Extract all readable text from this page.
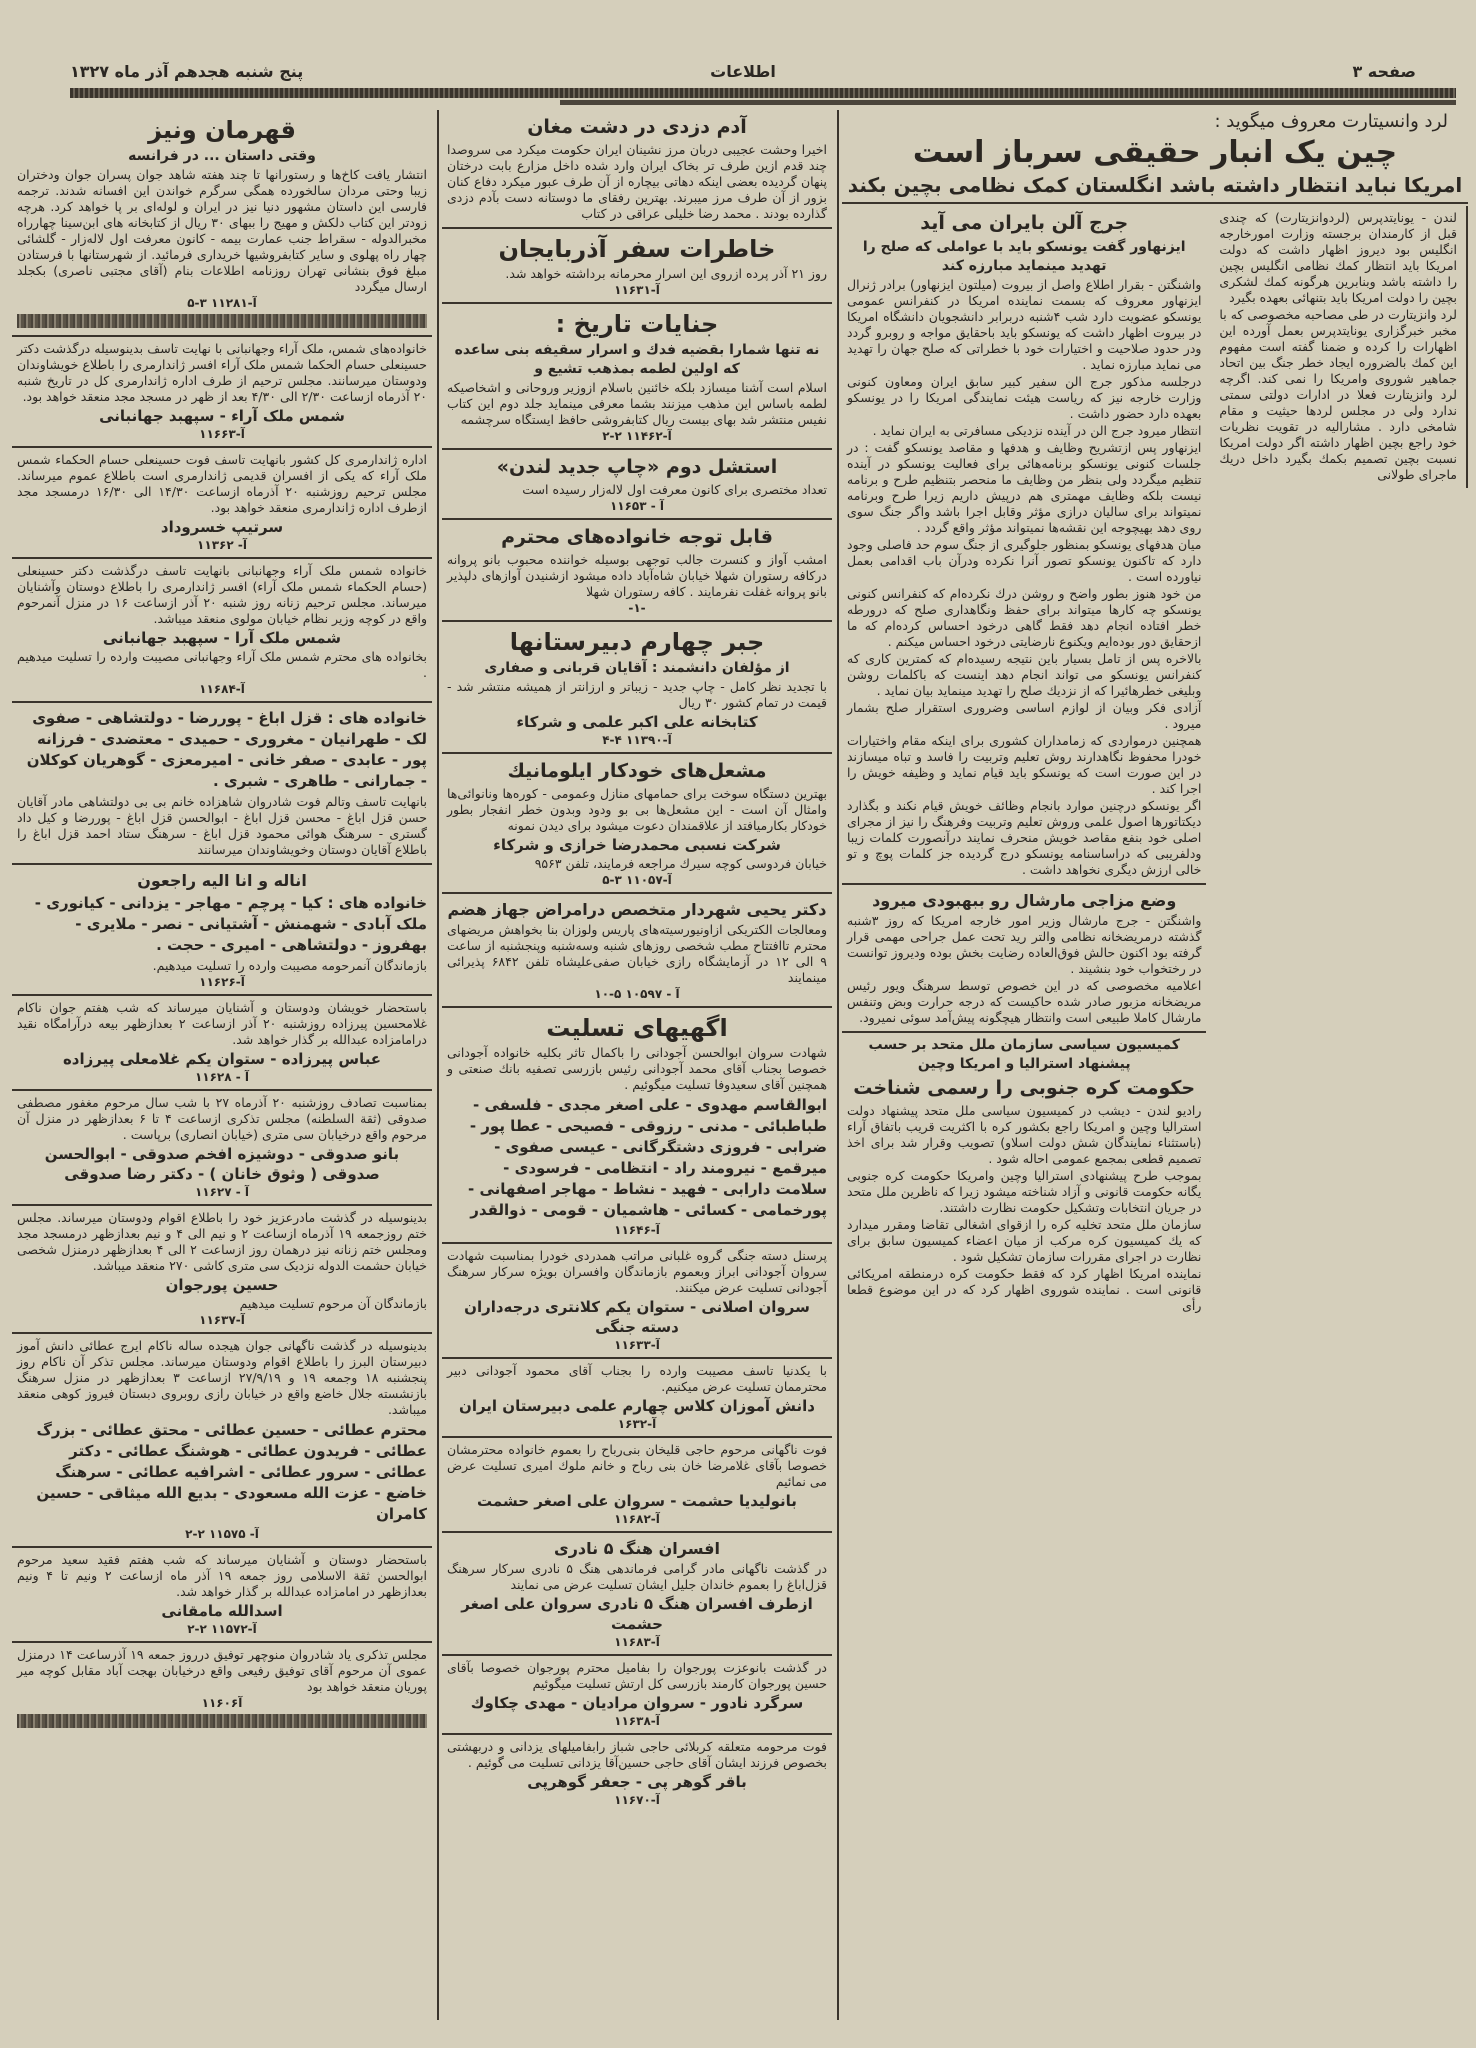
صفحه ۳
اطلاعات
پنج شنبه هجدهم آذر ماه ۱۳۲۷
قهرمان ونیز
وقتی داستان ... در فرانسه

انتشار یافت کاخ‌ها و رستورانها تا چند هفته شاهد جوان پسران جوان ودختران زیبا وحتی مردان سالخورده همگی سرگرم خواندن این افسانه شدند. ترجمه فارسی این داستان مشهور دنیا نیز در ایران و لوله‌ای بر پا خواهد کرد. هرچه زودتر این کتاب دلکش و مهیج را ببهای ۳۰ ریال از کتابخانه های ابن‌سینا چهارراه مخبرالدوله - سقراط جنب عمارت بیمه - کانون معرفت اول لاله‌زار - گلشائی چهار راه پهلوی و سایر کتابفروشیها خریداری فرمائید. از شهرستانها با فرستادن مبلغ فوق بنشانی تهران روزنامه اطلاعات بنام (آقای مجتبی ناصری) بکجلد ارسال میگردد

آ-۱۱۲۸۱ ۳-۵

خانواده‌های شمس، ملک آراء وجهانبانی با نهایت تاسف بدینوسیله درگذشت دکتر حسینعلی حسام الحکما شمس ملک آراء افسر ژاندارمری را باطلاع خویشاوندان ودوستان میرسانند. مجلس ترحیم از طرف اداره ژاندارمری کل در تاریخ شنبه ۲۰ آذرماه ازساعت ۲/۳۰ الی ۴/۳۰ بعد از ظهر در مسجد مجد منعقد خواهد بود.

شمس ملک آراء - سپهبد جهانبانی
آ-۱۱۶۶۳

اداره ژاندارمری کل کشور بانهایت تاسف فوت حسینعلی حسام الحکماء شمس ملک آراء که یکی از افسران قدیمی ژاندارمری است باطلاع عموم میرساند. مجلس ترحیم روزشنبه ۲۰ آذرماه ازساعت ۱۴/۳۰ الی ۱۶/۳۰ درمسجد مجد ازطرف اداره ژاندارمری منعقد خواهد بود.

سرتیپ خسروداد
آ- ۱۱۳۶۲

خانواده شمس ملک آراء وجهانبانی بانهایت تاسف درگذشت دکتر حسینعلی (حسام الحکماء شمس ملک آراء) افسر ژاندارمری را باطلاع دوستان وآشنایان میرساند. مجلس ترحیم زنانه روز شنبه ۲۰ آذر ازساعت ۱۶ در منزل آنمرحوم واقع در کوچه وزیر نظام خیابان مولوی منعقد میباشد.

شمس ملک آرا - سپهبد جهانبانی

بخانواده های محترم شمس ملک آراء وجهانبانی مصیبت وارده را تسلیت میدهیم .

آ-۱۱۶۸۴
خانواده های : قزل اباغ - پوررضا - دولتشاهی - صفوی لک - طهرانیان - مغروری - حمیدی - معتضدی - فرزانه پور - عابدی - صفر خانی - امیرمعزی - گوهریان کوکلان - جمارانی - طاهری - شبری .

بانهایت تاسف وتالم فوت شادروان شاهزاده خانم بی بی دولتشاهی مادر آقایان حسن قزل اباغ - محسن قزل اباغ - ابوالحسن قزل اباغ - پوررضا و کیل داد گستری - سرهنگ هوائی محمود قزل اباغ - سرهنگ ستاد احمد قزل اباغ را باطلاع آقایان دوستان وخویشاوندان میرسانند

اناله و انا الیه راجعون
خانواده های : کیا - پرچم - مهاجر - یزدانی - کیانوری - ملک آبادی - شهمنش - آشتیانی - نصر - ملایری - بهفروز - دولتشاهی - امیری - حجت .

بازماندگان آنمرحومه مصیبت وارده را تسلیت میدهیم.

آ-۱۱۶۲۶

باستحضار خویشان ودوستان و آشنایان میرساند که شب هفتم جوان ناکام غلامحسین پیرزاده روزشنبه ۲۰ آذر ازساعت ۲ بعدازظهر بیعه درآرامگاه نقید درامامزاده عبدالله بر گذار خواهد شد.

عباس پیرزاده - ستوان یکم غلامعلی پیرزاده
آ - ۱۱۶۲۸

بمناسبت تصادف روزشنبه ۲۰ آذرماه ۲۷ با شب سال مرحوم مغفور مصطفی صدوقی (ثقة السلطنه) مجلس تذکری ازساعت ۴ تا ۶ بعدازظهر در منزل آن مرحوم واقع درخیابان سی متری (خیابان انصاری) برپاست .

بانو صدوقی - دوشیزه افخم صدوقی - ابوالحسن صدوقی ( وثوق خانان ) - دکتر رضا صدوقی
آ - ۱۱۶۲۷

بدینوسیله در گذشت مادرعزیز خود را باطلاع اقوام ودوستان میرساند. مجلس ختم روزجمعه ۱۹ آذرماه ازساعت ۲ و نیم الی ۴ و نیم بعدازظهر درمسجد مجد ومجلس ختم زنانه نیز درهمان روز ازساعت ۲ الی ۴ بعدازظهر درمنزل شخصی خیابان حشمت الدوله نزدیک سی متری کاشی ۲۷۰ منعقد میباشد.

حسین پورجوان

بازماندگان آن مرحوم تسلیت میدهیم

آ-۱۱۶۳۷

بدینوسیله در گذشت ناگهانی جوان هیجده ساله ناکام ایرج عطائی دانش آموز دبیرستان البرز را باطلاع اقوام ودوستان میرساند. مجلس تذکر آن ناکام روز پنجشنبه ۱۸ وجمعه ۱۹ و ۲۷/۹/۱۹ ازساعت ۳ بعدازظهر در منزل سرهنگ بازنشسته جلال خاضع واقع در خیابان رازی روبروی دبستان فیروز کوهی منعقد میباشد.

محترم عطائی - حسین عطائی - محتق عطائی - بزرگ عطائی - فریدون عطائی - هوشنگ عطائی - دکتر عطائی - سرور عطائی - اشرافیه عطائی - سرهنگ خاضع - عزت الله مسعودی - بدیع الله میثاقی - حسین کامران
آ- ۱۱۵۷۵ ۲-۲

باستحضار دوستان و آشنایان میرساند که شب هفتم فقید سعید مرحوم ابوالحسن ثقة الاسلامی روز جمعه ۱۹ آذر ماه ازساعت ۲ ونیم تا ۴ ونیم بعدازظهر در امامزاده عبدالله بر گذار خواهد شد.

اسدالله مامقانی
آ-۱۱۵۷۲ ۲-۲

مجلس تذکری یاد شادروان منوچهر توفیق درروز جمعه ۱۹ آذرساعت ۱۴ درمنزل عموی آن مرحوم آقای توفیق رفیعی واقع درخیابان بهجت آباد مقابل کوچه میر پوریان منعقد خواهد بود

آ۱۱۶۰۶
آدم دزدی در دشت مغان

اخیرا وحشت عجیبی دربان مرز نشینان ایران حکومت میکرد می سروصدا چند قدم ازین طرف تر بخاک ایران وارد شده داخل مزارع بابت درختان پنهان گردیده بعضی اینکه دهاتی بیچاره از آن طرف عبور میکرد دفاع کنان بزور از آن طرف مرز میبرند. بهترین رفقای ما دوستانه دست بآدم دزدی گذارده بودند . محمد رضا خلیلی عراقی در کتاب

خاطرات سفر آذربایجان

روز ۲۱ آذر پرده ازروی این اسرار محرمانه برداشته خواهد شد.

آ-۱۱۶۳۱
جنایات تاریخ :
نه تنها شمارا بقضیه فدك و اسرار سقیفه بنی ساعده که اولین لطمه بمذهب تشیع و

اسلام است آشنا میسازد بلکه خائنین باسلام ازوزیر وروحانی و اشخاصیکه لطمه باساس این مذهب میزنند بشما معرفی مینماید جلد دوم این کتاب نفیس منتشر شد بهای بیست ریال کتابفروشی حافظ ایستگاه سرچشمه

آ-۱۱۴۶۲ ۲-۲
استشل دوم «چاپ جدید لندن»

تعداد مختصری برای کانون معرفت اول لاله‌زار رسیده است

آ - ۱۱۶۵۳
قابل توجه خانواده‌های محترم

امشب آواز و کنسرت جالب توجهی بوسیله خواننده محبوب بانو پروانه درکافه رستوران شهلا خیابان شاه‌آباد داده میشود ازشنیدن آوازهای دلپذیر بانو پروانه غفلت نفرمایند . کافه رستوران شهلا

-۱-
جبر چهارم دبیرستانها
از مؤلفان دانشمند : آقایان قربانی و صفاری

با تجدید نظر کامل - چاپ جدید - زیباتر و ارزانتر از همیشه منتشر شد - قیمت در تمام کشور ۳۰ ریال

کتابخانه علی اکبر علمی و شرکاء
آ-۱۱۳۹۰ ۴-۴
مشعل‌های خودکار ایلومانیك

بهترین دستگاه سوخت برای حمامهای منازل وعمومی - کوره‌ها ونانوائی‌ها وامثال آن است - این مشعل‌ها بی بو ودود وبدون خطر انفجار بطور خودکار بکارمیافتد از علاقمندان دعوت میشود برای دیدن نمونه

شرکت نسبی محمدرضا خرازی و شرکاء

خیابان فردوسی کوچه سیرك مراجعه فرمایند، تلفن ۹۵۶۳

آ-۱۱۰۵۷ ۳-۵
دکتر یحیی شهردار متخصص درامراض جهاز هضم

ومعالجات الکتریکی ازاونیورسیته‌های پاریس ولوزان بنا بخواهش مریضهای محترم تاافتتاح مطب شخصی روزهای شنبه وسه‌شنبه وپنجشنبه از ساعت ۹ الی ۱۲ در آزمایشگاه رازی خیابان صفی‌علیشاه تلفن ۶۸۴۲ پذیرائی مینمایند

آ - ۱۰۵۹۷ ۵-۱۰
اگهیهای تسلیت

شهادت سروان ابوالحسن آجودانی را باکمال تاثر بکلیه خانواده آجودانی خصوصا بجناب آقای محمد آجودانی رئیس بازرسی تصفیه بانك صنعتی و همچنین آقای سعیدوفا تسلیت میگوئیم .

ابوالقاسم مهدوی - علی اصغر مجدی - فلسفی - طباطبائی - مدنی - رزوقی - فصیحی - عطا پور - ضرابی - فروزی دشتگرگانی - عیسی صفوی - میرقمع - نیرومند راد - انتظامی - فرسودی - سلامت دارابی - فهید - نشاط - مهاجر اصفهانی - پورخمامی - کسائی - هاشمیان - قومی - ذوالقدر
آ-۱۱۶۴۶

پرسنل دسته جنگی گروه غلبانی مراتب همدردی خودرا بمناسبت شهادت سروان آجودانی ابراز وبعموم بازماندگان وافسران بویژه سرکار سرهنگ آجودانی تسلیت عرض میکنند.

سروان اصلانی - ستوان یکم کلانتری درجه‌داران دسته جنگی
آ-۱۱۶۳۳

با یکدنیا تاسف مصیبت وارده را بجناب آقای محمود آجودانی دبیر محترممان تسلیت عرض میکنیم.

دانش آموزان کلاس چهارم علمی دبیرستان ایران
آ-۱۶۳۲

فوت ناگهانی مرحوم حاجی قلیخان بنی‌رباح را بعموم خانواده محترمشان خصوصا بآقای غلامرضا خان بنی رباح و خانم ملوك امیری تسلیت عرض می نمائیم

بانولیدیا حشمت - سروان علی اصغر حشمت
آ-۱۱۶۸۲
افسران هنگ ۵ نادری

در گذشت ناگهانی مادر گرامی فرماندهی هنگ ۵ نادری سرکار سرهنگ قزل‌اباغ را بعموم خاندان جلیل ایشان تسلیت عرض می نمایند

ازطرف افسران هنگ ۵ نادری سروان علی اصغر حشمت
آ-۱۱۶۸۳

در گذشت بانوعزت پورجوان را بفامیل محترم پورجوان خصوصا بآقای حسین پورجوان کارمند بازرسی کل ارتش تسلیت میگوئیم

سرگرد نادور - سروان مرادیان - مهدی چکاوك
آ-۱۱۶۳۸

فوت مرحومه متعلقه کربلائی حاجی شباز رابفامیلهای یزدانی و دربهشتی بخصوص فرزند ایشان آقای حاجی حسین‌آقا یزدانی تسلیت می گوئیم .

باقر گوهر پی - جعفر گوهرپی
آ-۱۱۶۷۰
لرد وانسیتارت معروف میگوید :
چین یک انبار حقیقی سرباز است
امریکا نباید انتظار داشته باشد انگلستان کمک نظامی بچین بکند

لندن - یونایتدپرس (لردوانزیتارت) که چندی قبل از کارمندان برجسته وزارت امورخارجه انگلیس بود دیروز اظهار داشت که دولت امریکا باید انتظار کمك نظامی انگلیس بچین را داشته باشد وبنابرین هرگونه کمك لشکری بچین را دولت امریکا باید بتنهائی بعهده بگیرد

لرد وانزیتارت در طی مصاحبه مخصوصی که با مخبر خبرگزاری یونایتدپرس بعمل آورده این اظهارات را کرده و ضمنا گفته است مفهوم این کمك بالضروره ایجاد خطر جنگ بین اتحاد جماهیر شوروی وامریکا را نمی کند. اگرچه لرد وانزیتارت فعلا در ادارات دولتی سمتی ندارد ولی در مجلس لردها حیثیت و مقام شامخی دارد . مشارالیه در تقویت نظریات خود راجع بچین اظهار داشته اگر دولت امریکا نسبت بچین تصمیم بکمك بگیرد داخل دریك ماجرای طولانی

جرج آلن بایران می آید
ایزنهاور گفت یونسکو باید با عواملی که صلح را تهدید مینماید مبارزه کند

واشنگتن - بقرار اطلاع واصل از بیروت (میلتون ایزنهاور) برادر ژنرال ایزنهاور معروف که بسمت نماینده امریکا در کنفرانس عمومی یونسکو عضویت دارد شب ۴شنبه دربرابر دانشجویان دانشگاه امریکا در بیروت اظهار داشت که یونسکو باید باحقایق مواجه و روبرو گردد ودر حدود صلاحیت و اختیارات خود با خطراتی که صلح جهان را تهدید می نماید مبارزه نماید .

درجلسه مذکور جرج الن سفیر کبیر سابق ایران ومعاون کنونی وزارت خارجه نیز که ریاست هیئت نمایندگی امریکا را در یونسکو بعهده دارد حضور داشت .

انتظار میرود جرج الن در آینده نزدیکی مسافرتی به ایران نماید .

ایزنهاور پس ازتشریح وظایف و هدفها و مقاصد یونسکو گفت : در جلسات کنونی یونسکو برنامه‌هائی برای فعالیت یونسکو در آینده تنظیم میگردد ولی بنظر من وظایف ما منحصر بتنظیم طرح و برنامه نیست بلکه وظایف مهمتری هم درپیش داریم زیرا طرح وبرنامه نمیتواند برای سالیان درازی مؤثر وقابل اجرا باشد واگر جنگ سوی روی دهد بهیچوجه این نقشه‌ها نمیتواند مؤثر واقع گردد .

میان هدفهای یونسکو بمنظور جلوگیری از جنگ سوم حد فاصلی وجود دارد که تاکنون یونسکو تصور آنرا نکرده ودرآن باب اقدامی بعمل نیاورده است .

من خود هنوز بطور واضح و روشن درك نکرده‌ام که کنفرانس کنونی یونسکو چه کارها میتواند برای حفظ ونگاهداری صلح که درورطه خطر افتاده انجام دهد فقط گاهی درخود احساس کرده‌ام که ما ازحقایق دور بوده‌ایم ویکنوع نارضایتی درخود احساس میکنم .

بالاخره پس از تامل بسیار باین نتیجه رسیده‌ام که کمترین کاری که کنفرانس یونسکو می تواند انجام دهد اینست که باکلمات روشن وبلیغی خطرهائیرا که از نزدیك صلح را تهدید مینماید بیان نماید .

آزادی فکر وبیان از لوازم اساسی وضروری استقرار صلح بشمار میرود .

همچنین درمواردی که زمامداران کشوری برای اینکه مقام واختیارات خودرا محفوظ نگاهدارند روش تعلیم وتربیت را فاسد و تباه میسازند در این صورت است که یونسکو باید قیام نماید و وظیفه خویش را اجرا کند .

اگر یونسکو درچنین موارد بانجام وظائف خویش قیام نکند و بگذارد دیکتاتورها اصول علمی وروش تعلیم وتربیت وفرهنگ را نیز از مجرای اصلی خود بنفع مقاصد خویش منحرف نمایند درآنصورت کلمات زیبا ودلفریبی که دراساسنامه یونسکو درج گردیده جز کلمات پوچ و تو خالی ارزش دیگری نخواهد داشت .

وضع مزاجی مارشال رو ببهبودی میرود

واشنگتن - جرج مارشال وزیر امور خارجه امریکا که روز ۳شنبه گذشته درمریضخانه نظامی والتر رید تحت عمل جراحی مهمی قرار گرفته بود اکنون حالش فوق‌العاده رضایت بخش بوده ودیروز توانست در رختخواب خود بنشیند .

اعلامیه مخصوصی که در این خصوص توسط سرهنگ ویور رئیس مریضخانه مزبور صادر شده حاکیست که درجه حرارت وبض وتنفس مارشال کاملا طبیعی است وانتظار هیچگونه پیش‌آمد سوئی نمیرود.

کمیسیون سیاسی سازمان ملل متحد بر حسب پیشنهاد استرالیا و امریکا وچین
حکومت کره جنوبی را رسمی شناخت

رادیو لندن - دیشب در کمیسیون سیاسی ملل متحد پیشنهاد دولت استرالیا وچین و امریکا راجع بکشور کره با اکثریت قریب باتفاق آراء (باستثناء نمایندگان شش دولت اسلاو) تصویب وقرار شد برای اخذ تصمیم قطعی بمجمع عمومی احاله شود .

بموجب طرح پیشنهادی استرالیا وچین وامریکا حکومت کره جنوبی یگانه حکومت قانونی و آزاد شناخته میشود زیرا که ناظرین ملل متحد در جریان انتخابات وتشکیل حکومت نظارت داشتند.

سازمان ملل متحد تخلیه کره را ازقوای اشغالی تقاضا ومقرر میدارد که یك کمیسیون کره مرکب از میان اعضاء کمیسیون سابق برای نظارت در اجرای مقررات سازمان تشکیل شود .

نماینده امریکا اظهار کرد که فقط حکومت کره درمنطقه امریکائی قانونی است . نماینده شوروی اظهار کرد که در این موضوع قطعا رأی
